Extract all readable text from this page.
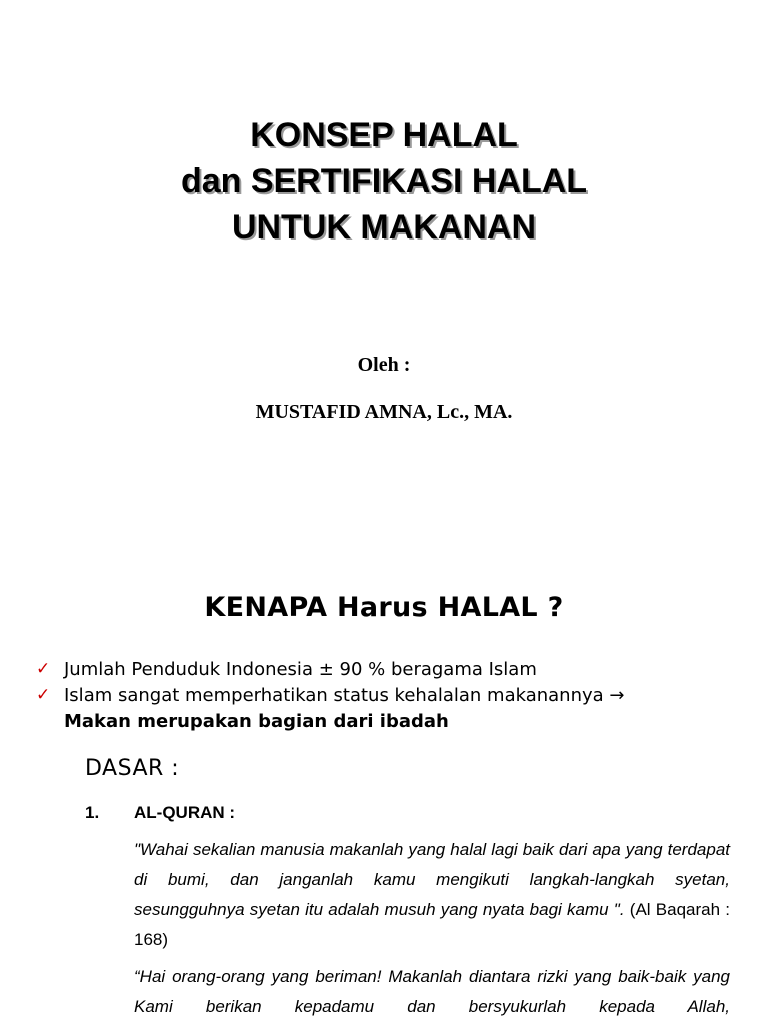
KONSEP HALAL
dan SERTIFIKASI HALAL
UNTUK MAKANAN
Oleh :
MUSTAFID AMNA, Lc., MA.
KENAPA Harus HALAL ?
✓ Jumlah Penduduk Indonesia ± 90 % beragama Islam
✓ Islam sangat memperhatikan status kehalalan makanannya →
Makan merupakan bagian dari ibadah
DASAR :
1. AL-QURAN :
"Wahai sekalian manusia makanlah yang halal lagi baik dari apa yang terdapat di bumi, dan janganlah kamu mengikuti langkah-langkah syetan, sesungguhnya syetan itu adalah musuh yang nyata bagi kamu ". (Al Baqarah : 168)
“Hai orang-orang yang beriman! Makanlah diantara rizki yang baik-baik yang Kami berikan kepadamu dan bersyukurlah kepada Allah,
